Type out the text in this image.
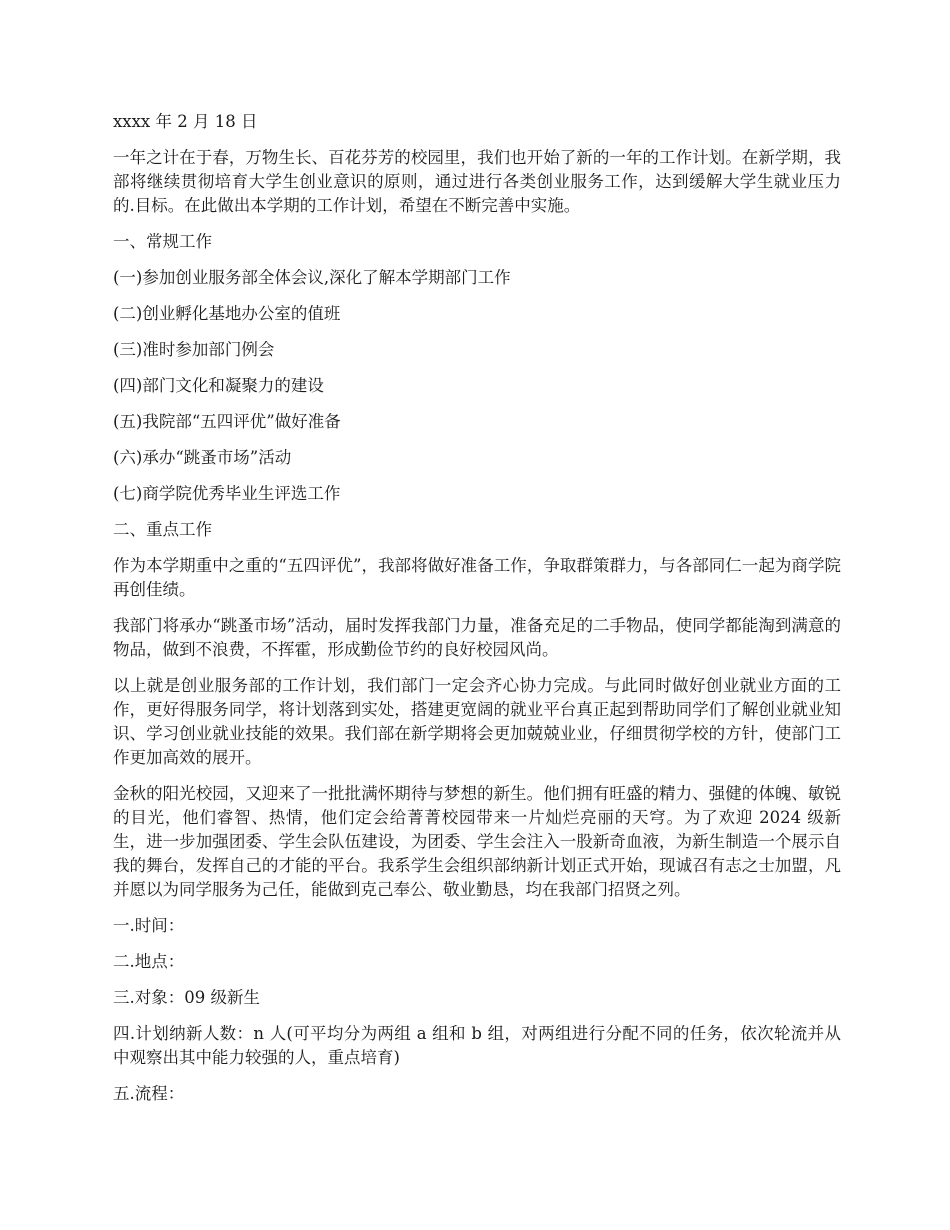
xxxx 年 2 月 18 日

一年之计在于春，万物生长、百花芬芳的校园里，我们也开始了新的一年的工作计划。在新学期，我部将继续贯彻培育大学生创业意识的原则，通过进行各类创业服务工作，达到缓解大学生就业压力的.目标。在此做出本学期的工作计划，希望在不断完善中实施。

一、常规工作

(一)参加创业服务部全体会议,深化了解本学期部门工作

(二)创业孵化基地办公室的值班

(三)准时参加部门例会

(四)部门文化和凝聚力的建设

(五)我院部“五四评优”做好准备

(六)承办“跳蚤市场”活动

(七)商学院优秀毕业生评选工作

二、重点工作

作为本学期重中之重的“五四评优”，我部将做好准备工作，争取群策群力，与各部同仁一起为商学院再创佳绩。

我部门将承办“跳蚤市场”活动，届时发挥我部门力量，准备充足的二手物品，使同学都能淘到满意的物品，做到不浪费，不挥霍，形成勤俭节约的良好校园风尚。

以上就是创业服务部的工作计划，我们部门一定会齐心协力完成。与此同时做好创业就业方面的工作，更好得服务同学，将计划落到实处，搭建更宽阔的就业平台真正起到帮助同学们了解创业就业知识、学习创业就业技能的效果。我们部在新学期将会更加兢兢业业，仔细贯彻学校的方针，使部门工作更加高效的展开。

金秋的阳光校园，又迎来了一批批满怀期待与梦想的新生。他们拥有旺盛的精力、强健的体魄、敏锐的目光，他们睿智、热情，他们定会给菁菁校园带来一片灿烂亮丽的天穹。为了欢迎 2024 级新生，进一步加强团委、学生会队伍建设，为团委、学生会注入一股新奇血液，为新生制造一个展示自我的舞台，发挥自己的才能的平台。我系学生会组织部纳新计划正式开始，现诚召有志之士加盟，凡并愿以为同学服务为己任，能做到克己奉公、敬业勤恳，均在我部门招贤之列。

一.时间：

二.地点：

三.对象：09 级新生

四.计划纳新人数：n 人(可平均分为两组 a 组和 b 组，对两组进行分配不同的任务，依次轮流并从中观察出其中能力较强的人，重点培育)

五.流程：
